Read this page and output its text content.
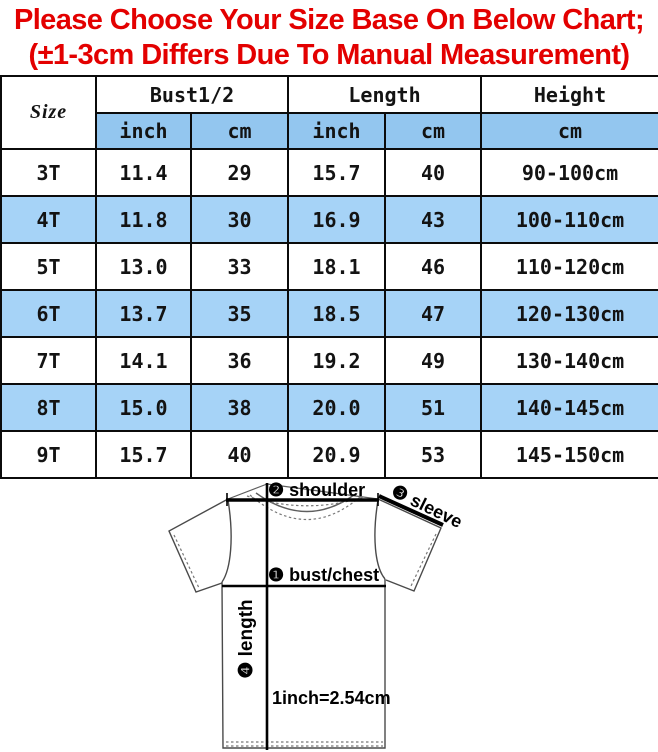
Please Choose Your Size Base On Below Chart;
(±1-3cm Differs Due To Manual Measurement)
Size	Bust1/2		Length		Height
	inch	cm	inch	cm	cm
3T	11.4	29	15.7	40	90-100cm
4T	11.8	30	16.9	43	100-110cm
5T	13.0	33	18.1	46	110-120cm
6T	13.7	35	18.5	47	120-130cm
7T	14.1	36	19.2	49	130-140cm
8T	15.0	38	20.0	51	140-145cm
9T	15.7	40	20.9	53	145-150cm
❷ shoulder ❸ sleeve
❶ bust/chest
❹ length
1inch=2.54cm
